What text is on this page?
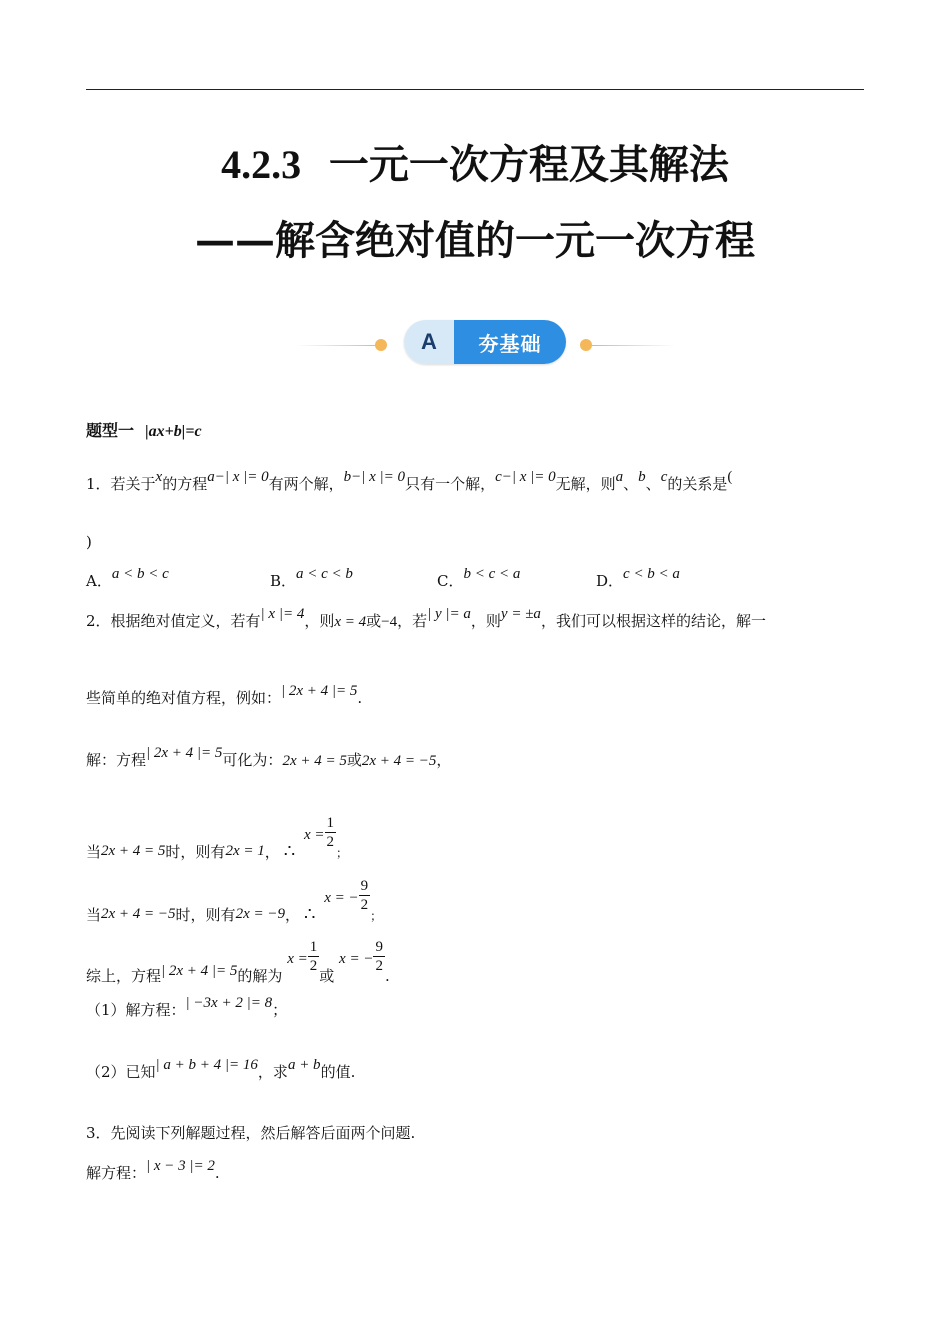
4.2.3 一元一次方程及其解法
——解含绝对值的一元一次方程
A	夯基础
题型一 |ax+b|=c
1．若关于x的方程a−| x |= 0有两个解，b−| x |= 0只有一个解，c−| x |= 0无解，则a、b、c的关系是(
)
A．a < b < c	B．a < c < b	C．b < c < a	D．c < b < a
2．根据绝对值定义，若有| x |= 4，则x = 4或−4，若| y |= a，则y = ±a，我们可以根据这样的结论，解一
些简单的绝对值方程，例如：| 2x + 4 |= 5.
解：方程| 2x + 4 |= 5可化为：2x + 4 = 5或2x + 4 = −5，
当2x + 4 = 5时，则有2x = 1， ∴ $x = \frac{1}{2}$
$_;$
当2x + 4 = −5时，则有2x = −9， ∴ x = − $\frac{9}{2}$
$_;$
综上，方程| 2x + 4 |= 5的解为 $x = \frac{1}{2}$
或 x = − $\frac{9}{2}$
.
（1）解方程：| −3x + 2 |= 8；
（2）已知| a + b + 4 |= 16，求a + b的值.
3．先阅读下列解题过程，然后解答后面两个问题.
解方程：| x − 3 |= 2.
